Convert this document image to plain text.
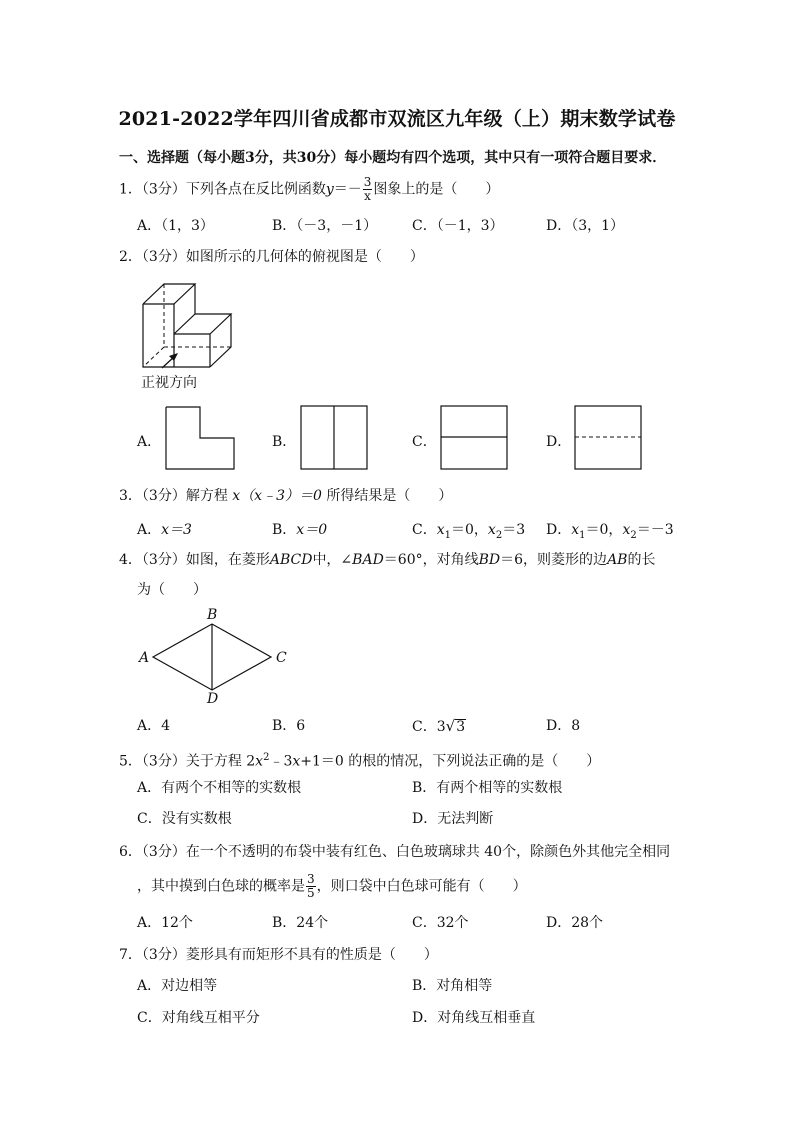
2021-2022学年四川省成都市双流区九年级（上）期末数学试卷
一、选择题（每小题3分，共30分）每小题均有四个选项，其中只有一项符合题目要求．
1．（3分）下列各点在反比例函数$y=- \frac{3}{x}$ 图象上的是（　　）
A．（1，3）	B．（－3，－1） C．（－1，3）	D．（3，1）
2．（3分）如图所示的几何体的俯视图是（　　）
正视方向
A．	B．	C．	D．
3．（3分）解方程 x（x﹣3）＝0 所得结果是（　　）
A．x＝3	B．x＝0	C．$x_1=0$，$x_2=3$ D．$x_1=0$，$x_2=-3$
4．（3分）如图，在菱形ABCD中，∠BAD＝60°，对角线BD＝6，则菱形的边AB的长
为（　　）
A
B
C
D
A．4	B．6	C．3√3	D．8
5．（3分）关于方程 $2x^2﹣3x+1=0$ 的根的情况，下列说法正确的是（　　）
A．有两个不相等的实数根	B．有两个相等的实数根
C．没有实数根	D．无法判断
6．（3分）在一个不透明的布袋中装有红色、白色玻璃球共 40个，除颜色外其他完全相同
，其中摸到白色球的概率是 $\frac{3}{5}$ ，则口袋中白色球可能有（　　）
A．12个	B．24个	C．32个	D．28个
7．（3分）菱形具有而矩形不具有的性质是（　　）
A．对边相等	B．对角相等
C．对角线互相平分	D．对角线互相垂直
